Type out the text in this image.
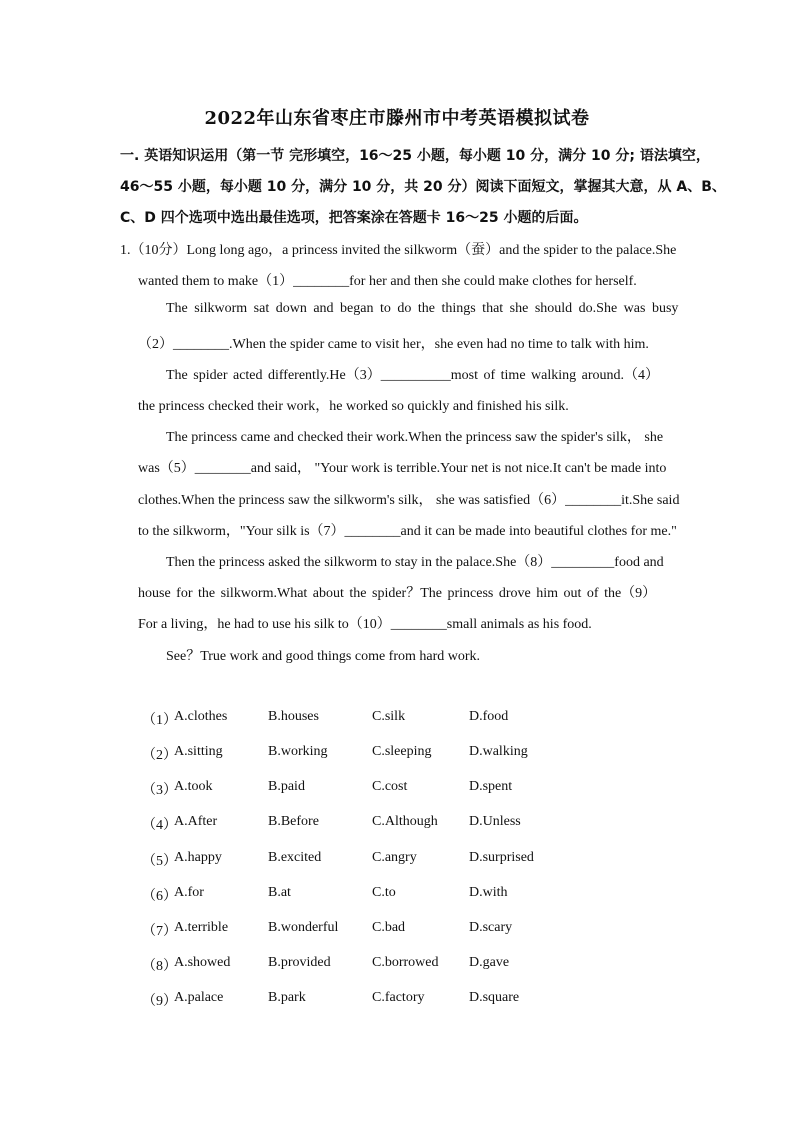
2022年山东省枣庄市滕州市中考英语模拟试卷
一. 英语知识运用（第一节 完形填空，16～25 小题，每小题 10 分，满分 10 分; 语法填空，
46～55 小题，每小题 10 分，满分 10 分，共 20 分）阅读下面短文，掌握其大意，从 A、B、
C、D 四个选项中选出最佳选项，把答案涂在答题卡 16～25 小题的后面。
1.（10分）Long long ago，a princess invited the silkworm（蚕）and the spider to the palace.She
wanted them to make（1）________for her and then she could make clothes for herself.
The silkworm sat down and began to do the things that she should do.She was busy
（2）________.When the spider came to visit her，she even had no time to talk with him.
The spider acted differently.He（3）__________most of time walking around.（4）
the princess checked their work，he worked so quickly and finished his silk.
The princess came and checked their work.When the princess saw the spider's silk， she
was（5）________and said， "Your work is terrible.Your net is not nice.It can't be made into
clothes.When the princess saw the silkworm's silk， she was satisfied（6）________it.She said
to the silkworm，"Your silk is（7）________and it can be made into beautiful clothes for me."
Then the princess asked the silkworm to stay in the palace.She（8）_________food and
house for the silkworm.What about the spider？The princess drove him out of the（9）
For a living，he had to use his silk to（10）________small animals as his food.
See？True work and good things come from hard work.
（1）
A.clothes	B.houses	C.silk	D.food
（2）
A.sitting	B.working	C.sleeping	D.walking
（3）
A.took	B.paid	C.cost	D.spent
（4）
A.After	B.Before	C.Although D.Unless
（5）
A.happy	B.excited	C.angry	D.surprised
（6）
A.for	B.at	C.to	D.with
（7）
A.terrible	B.wonderful C.bad	D.scary
（8）
A.showed	B.provided	C.borrowed D.gave
（9）
A.palace	B.park	C.factory	D.square
